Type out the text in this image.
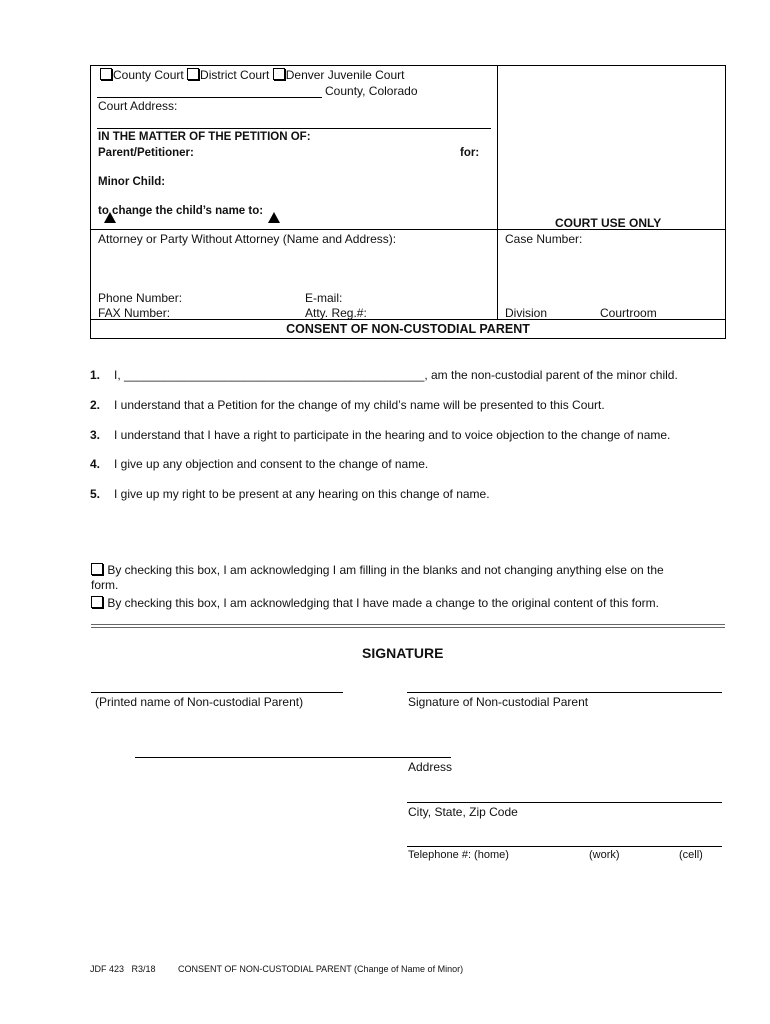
County Court District Court Denver Juvenile Court
County, Colorado
Court Address:
IN THE MATTER OF THE PETITION OF:
Parent/Petitioner:	for:
Minor Child:
to change the child’s name to:
COURT USE ONLY
Attorney or Party Without Attorney (Name and Address):	Case Number:
Phone Number:	E-mail:
FAX Number:	Atty. Reg.#:	Division	Courtroom
CONSENT OF NON-CUSTODIAL PARENT
1. I, _____________________________________________, am the non-custodial parent of the minor child.
2. I understand that a Petition for the change of my child’s name will be presented to this Court.
3. I understand that I have a right to participate in the hearing and to voice objection to the change of name.
4. I give up any objection and consent to the change of name.
5. I give up my right to be present at any hearing on this change of name.
By checking this box, I am acknowledging I am filling in the blanks and not changing anything else on the
form.
By checking this box, I am acknowledging that I have made a change to the original content of this form.
SIGNATURE
(Printed name of Non-custodial Parent)	Signature of Non-custodial Parent
Address
City, State, Zip Code
Telephone #: (home)	(work)	(cell)
JDF 423   R3/18 CONSENT OF NON-CUSTODIAL PARENT (Change of Name of Minor)
